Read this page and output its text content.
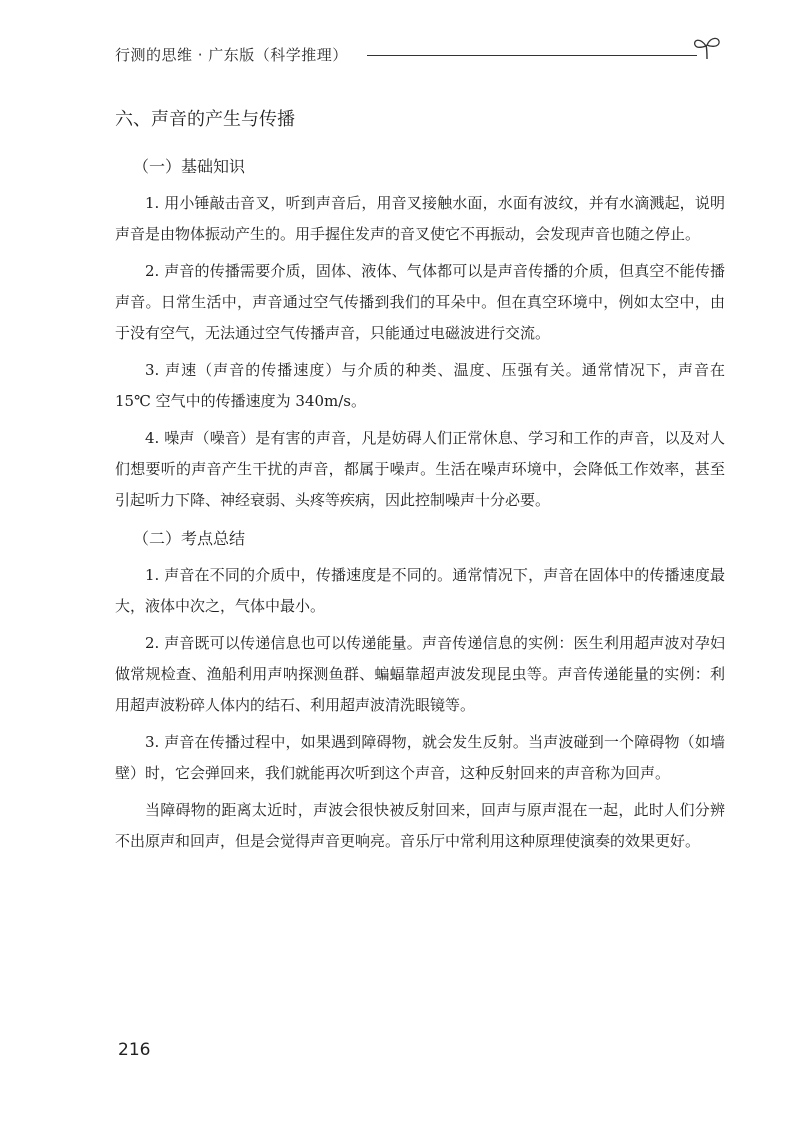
行测的思维 · 广东版（科学推理）
六、声音的产生与传播
（一）基础知识

1. 用小锤敲击音叉，听到声音后，用音叉接触水面，水面有波纹，并有水滴溅起，说明声音是由物体振动产生的。用手握住发声的音叉使它不再振动，会发现声音也随之停止。

2. 声音的传播需要介质，固体、液体、气体都可以是声音传播的介质，但真空不能传播声音。日常生活中，声音通过空气传播到我们的耳朵中。但在真空环境中，例如太空中，由于没有空气，无法通过空气传播声音，只能通过电磁波进行交流。

3. 声速（声音的传播速度）与介质的种类、温度、压强有关。通常情况下，声音在 15℃ 空气中的传播速度为 340m/s。

4. 噪声（噪音）是有害的声音，凡是妨碍人们正常休息、学习和工作的声音，以及对人们想要听的声音产生干扰的声音，都属于噪声。生活在噪声环境中，会降低工作效率，甚至引起听力下降、神经衰弱、头疼等疾病，因此控制噪声十分必要。

（二）考点总结

1. 声音在不同的介质中，传播速度是不同的。通常情况下，声音在固体中的传播速度最大，液体中次之，气体中最小。

2. 声音既可以传递信息也可以传递能量。声音传递信息的实例：医生利用超声波对孕妇做常规检查、渔船利用声呐探测鱼群、蝙蝠靠超声波发现昆虫等。声音传递能量的实例：利用超声波粉碎人体内的结石、利用超声波清洗眼镜等。

3. 声音在传播过程中，如果遇到障碍物，就会发生反射。当声波碰到一个障碍物（如墙壁）时，它会弹回来，我们就能再次听到这个声音，这种反射回来的声音称为回声。

当障碍物的距离太近时，声波会很快被反射回来，回声与原声混在一起，此时人们分辨不出原声和回声，但是会觉得声音更响亮。音乐厅中常利用这种原理使演奏的效果更好。

216
